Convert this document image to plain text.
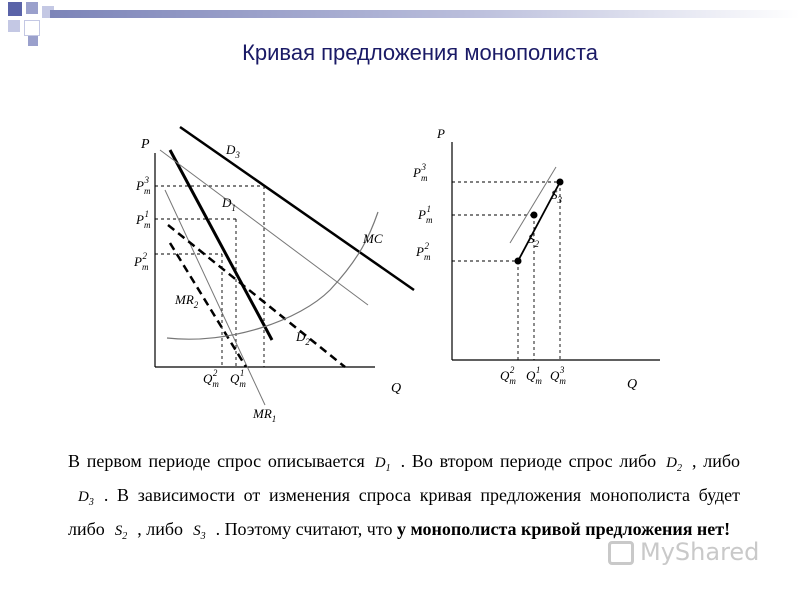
Кривая предложения монополиста
P
Q
$P_m3$
$P_m1$
$P_m2$
$D_3$
$D_1$
MC
$MR_2$
$D_2$
$MR_1$
$Q_m2$ $Q_m1$
P
Q
$P_m3$
$P_m1$
$P_m2$
$S_3$
$S_2$
$Q_m2$ $Q_m1$ $Q_m3$
В первом периоде спрос описывается $D_1$ . Во втором периоде спрос либо $D_2$ , либоD$_3$ . В зависимости от изменения спроса кривая предложения монополиста будет либо $S_2$ , либо $S_3$ . Поэтому считают, что у монополиста кривой предложения нет!
MyShared
